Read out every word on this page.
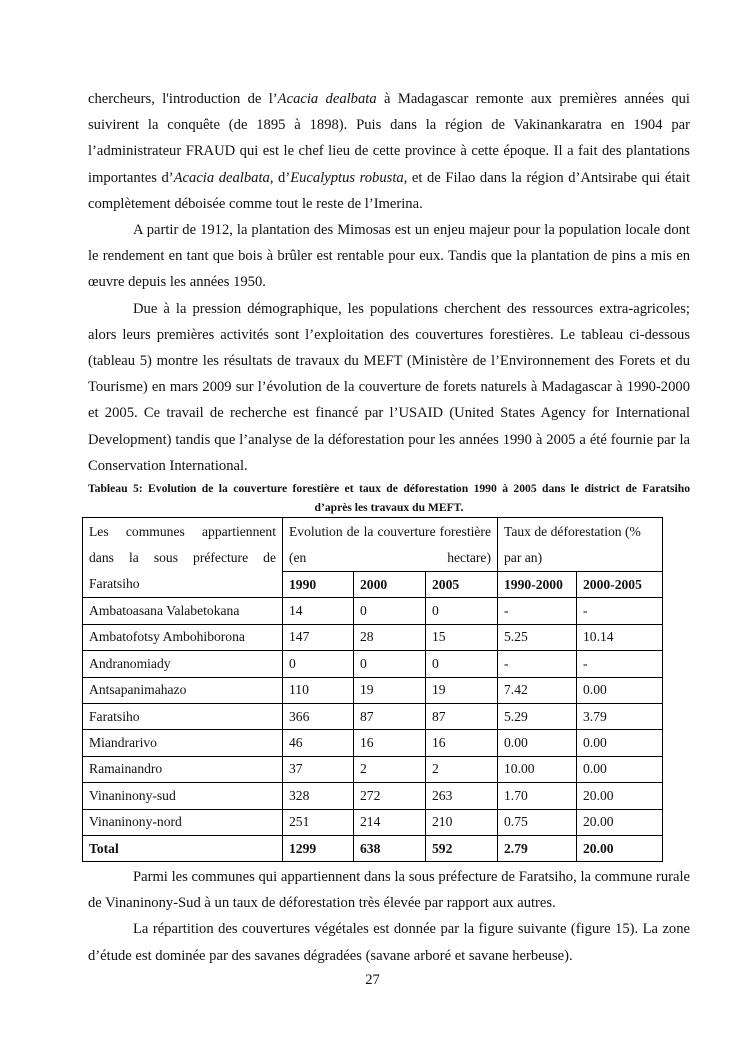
chercheurs, l'introduction de l’Acacia dealbata à Madagascar remonte aux premières années qui suivirent la conquête (de 1895 à 1898). Puis dans la région de Vakinankaratra en 1904 par l’administrateur FRAUD qui est le chef lieu de cette province à cette époque. Il a fait des plantations importantes d’Acacia dealbata, d’Eucalyptus robusta, et de Filao dans la région d’Antsirabe qui était complètement déboisée comme tout le reste de l’Imerina.

A partir de 1912, la plantation des Mimosas est un enjeu majeur pour la population locale dont le rendement en tant que bois à brûler est rentable pour eux. Tandis que la plantation de pins a mis en œuvre depuis les années 1950.

Due à la pression démographique, les populations cherchent des ressources extra-agricoles; alors leurs premières activités sont l’exploitation des couvertures forestières. Le tableau ci-dessous (tableau 5) montre les résultats de travaux du MEFT (Ministère de l’Environnement des Forets et du Tourisme) en mars 2009 sur l’évolution de la couverture de forets naturels à Madagascar à 1990-2000 et 2005. Ce travail de recherche est financé par l’USAID (United States Agency for International Development) tandis que l’analyse de la déforestation pour les années 1990 à 2005 a été fournie par la Conservation International.

Tableau 5: Evolution de la couverture forestière et taux de déforestation 1990 à 2005 dans le district de Faratsiho
d’après les travaux du MEFT.
Les communes appartiennent dans la sous préfecture de Faratsiho	Evolution de la couverture forestière (en hectare)			Taux de déforestation (% par an)	
	1990	2000	2005	1990-2000	2000-2005
Ambatoasana Valabetokana	14	0	0	-	-
Ambatofotsy Ambohiborona	147	28	15	5.25	10.14
Andranomiady	0	0	0	-	-
Antsapanimahazo	110	19	19	7.42	0.00
Faratsiho	366	87	87	5.29	3.79
Miandrarivo	46	16	16	0.00	0.00
Ramainandro	37	2	2	10.00	0.00
Vinaninony-sud	328	272	263	1.70	20.00
Vinaninony-nord	251	214	210	0.75	20.00
Total	1299	638	592	2.79	20.00

Parmi les communes qui appartiennent dans la sous préfecture de Faratsiho, la commune rurale de Vinaninony-Sud à un taux de déforestation très élevée par rapport aux autres.

La répartition des couvertures végétales est donnée par la figure suivante (figure 15). La zone d’étude est dominée par des savanes dégradées (savane arboré et savane herbeuse).

27
